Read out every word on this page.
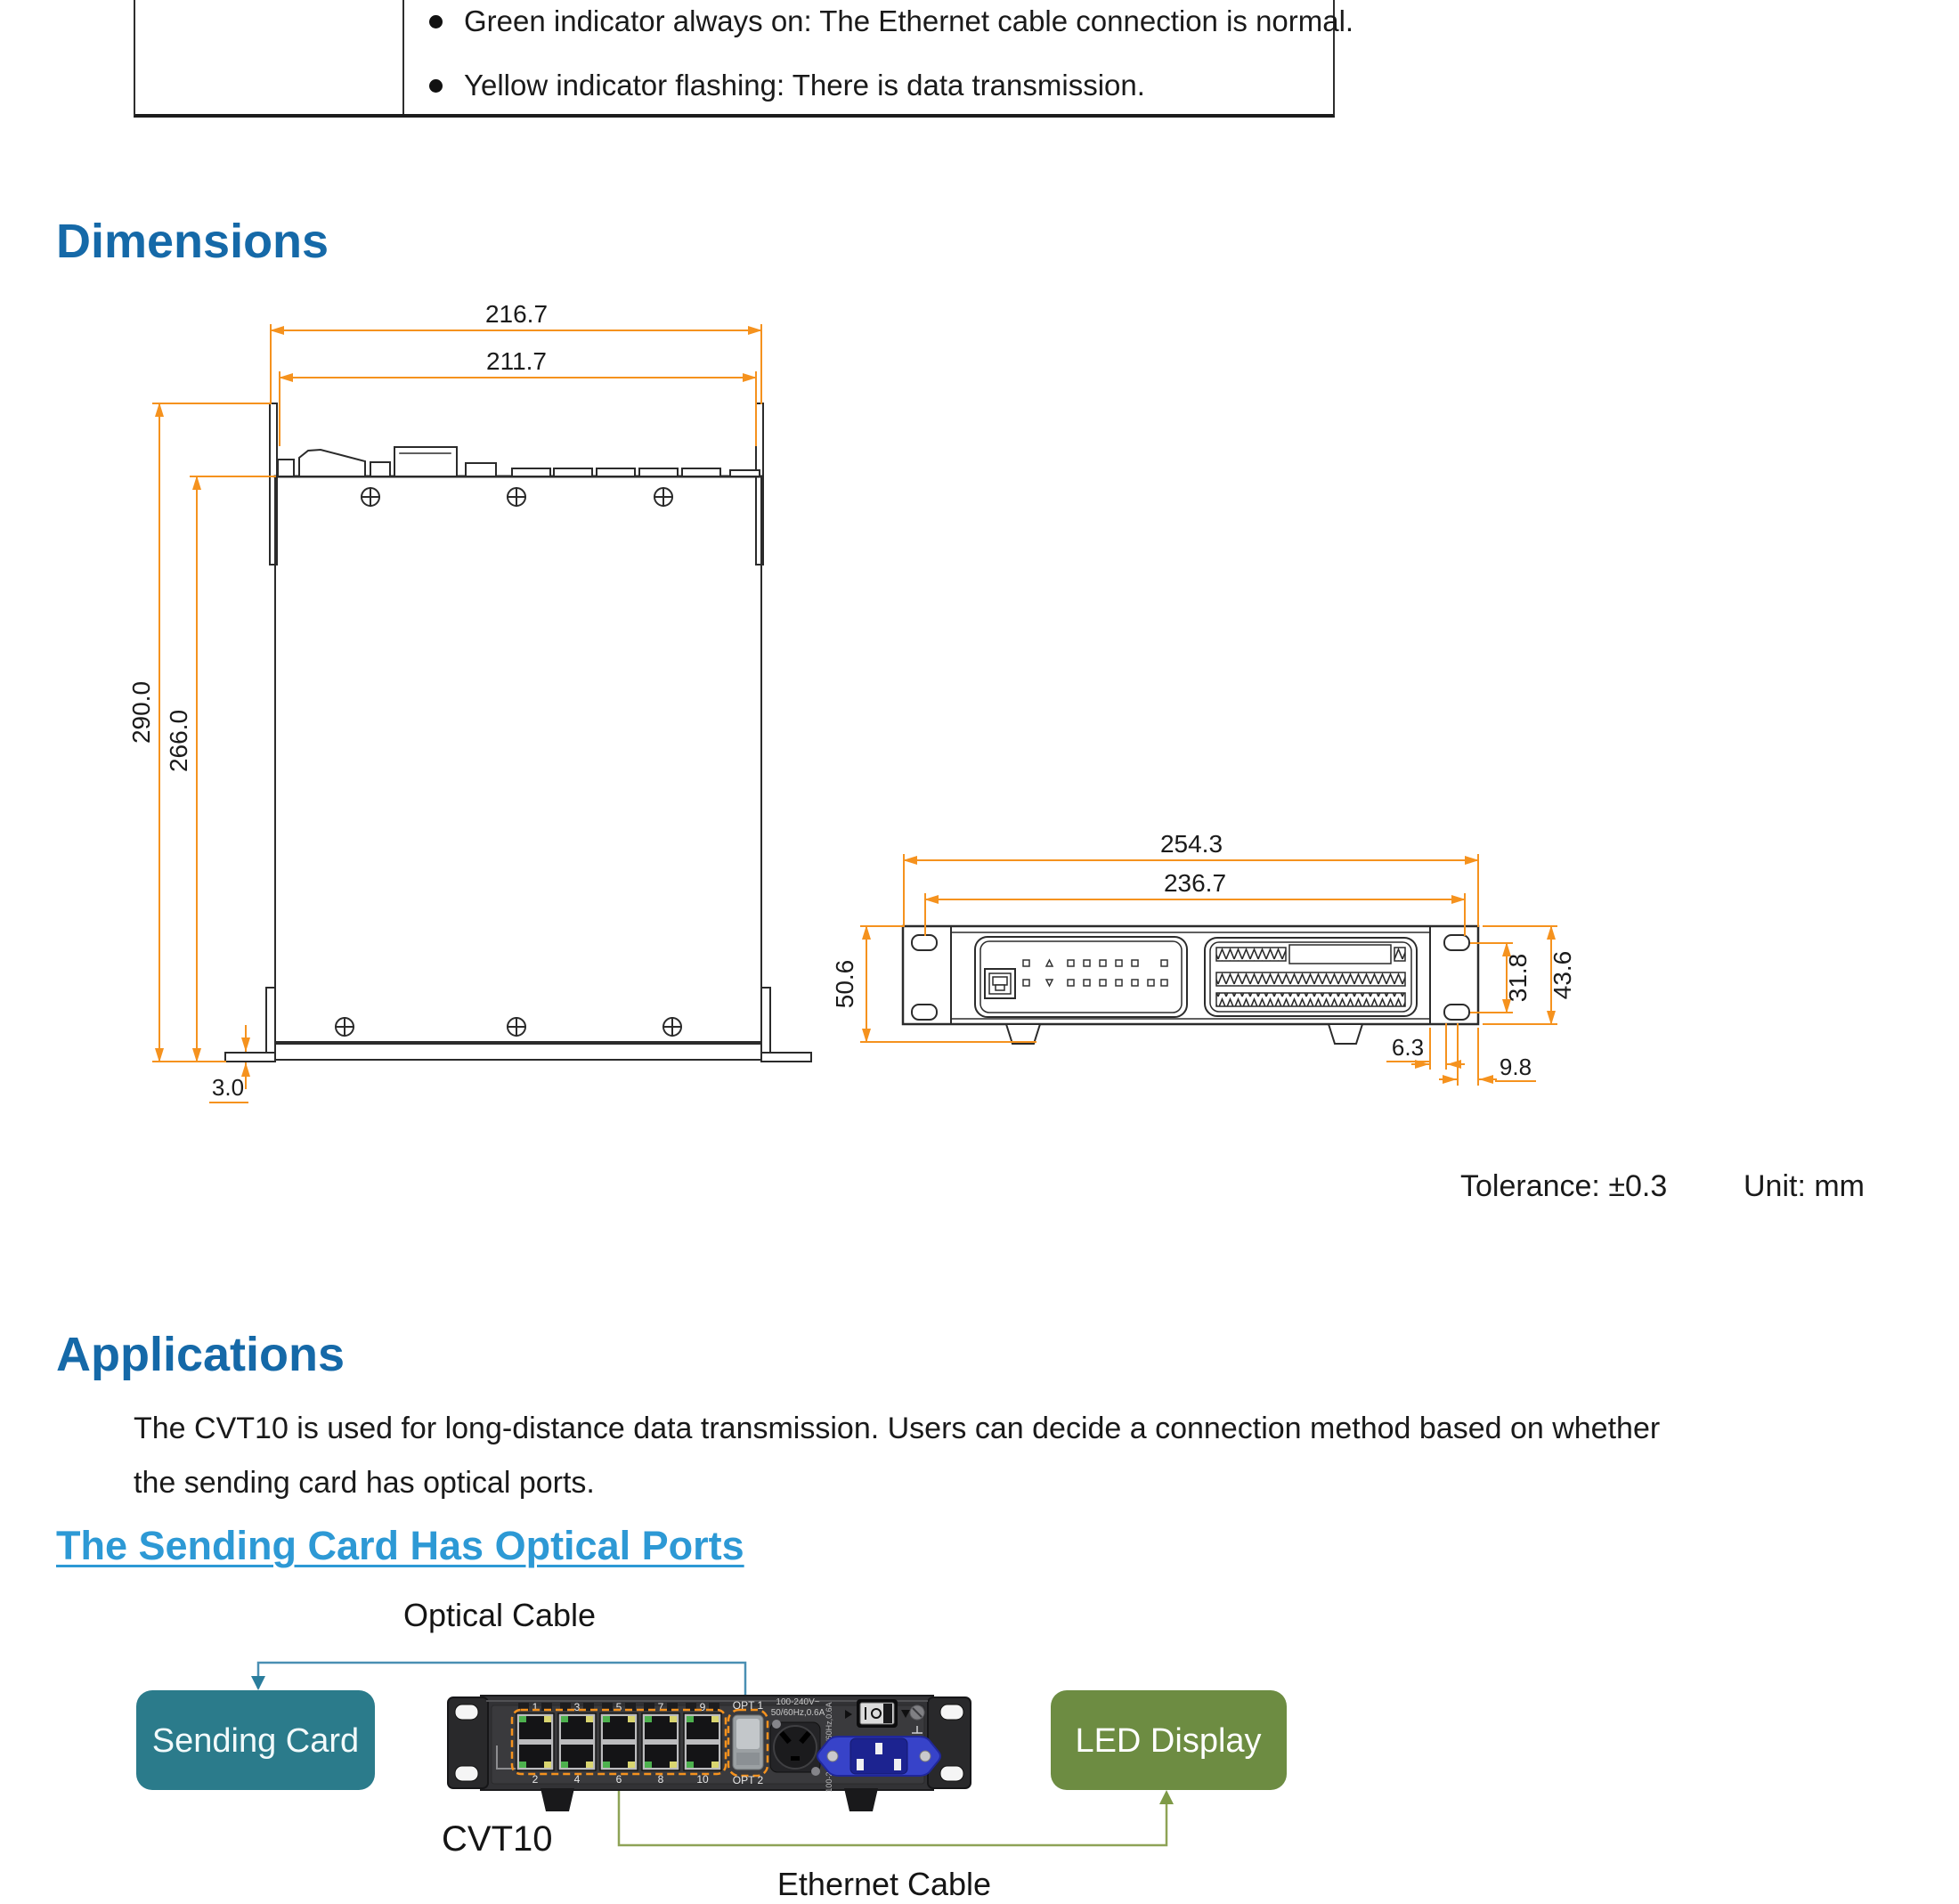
Green indicator always on: The Ethernet cable connection is normal.
Yellow indicator flashing: There is data transmission.
Dimensions
Tolerance: ±0.3	Unit: mm
Applications
The CVT10 is used for long-distance data transmission. Users can decide a connection method based on whether
the sending card has optical ports.
The Sending Card Has Optical Ports
216.7
211.7
290.0 266.0
3.0
254.3
236.7
50.6	31.8 43.6
6.3
9.8
Sending Card	LED Display
1	3	5	7	9
2	4	6	8	10
OPT 1
OPT 2
100-240V~
50/60Hz,0.6A
Optical Cable
CVT10
Ethernet Cable
